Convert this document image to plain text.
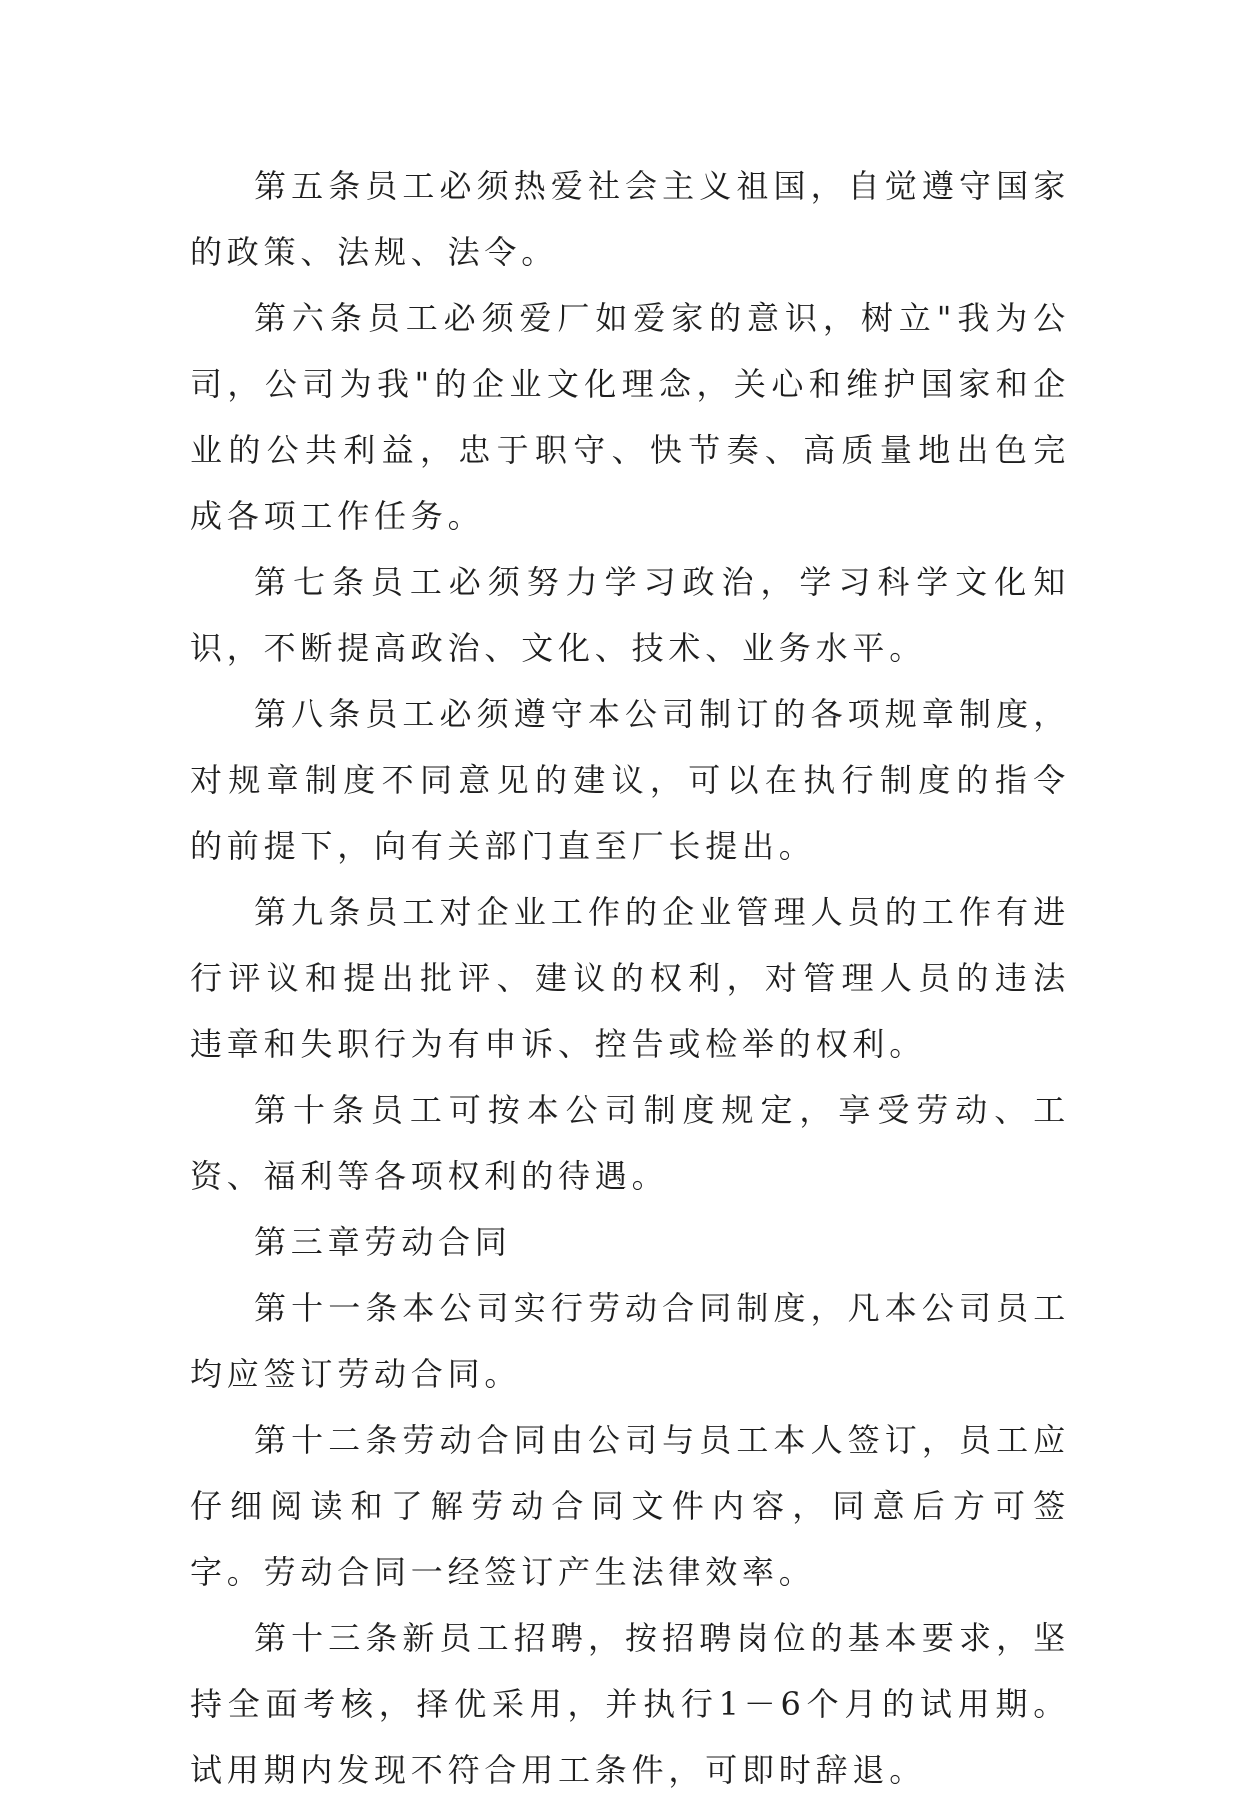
第五条员工必须热爱社会主义祖国，自觉遵守国家的政策、法规、法令。

第六条员工必须爱厂如爱家的意识，树立"我为公司，公司为我"的企业文化理念，关心和维护国家和企业的公共利益，忠于职守、快节奏、高质量地出色完成各项工作任务。

第七条员工必须努力学习政治，学习科学文化知识，不断提高政治、文化、技术、业务水平。

第八条员工必须遵守本公司制订的各项规章制度，对规章制度不同意见的建议，可以在执行制度的指令的前提下，向有关部门直至厂长提出。

第九条员工对企业工作的企业管理人员的工作有进行评议和提出批评、建议的权利，对管理人员的违法违章和失职行为有申诉、控告或检举的权利。

第十条员工可按本公司制度规定，享受劳动、工资、福利等各项权利的待遇。

第三章劳动合同

第十一条本公司实行劳动合同制度，凡本公司员工均应签订劳动合同。

第十二条劳动合同由公司与员工本人签订，员工应仔细阅读和了解劳动合同文件内容，同意后方可签字。劳动合同一经签订产生法律效率。

第十三条新员工招聘，按招聘岗位的基本要求，坚持全面考核，择优采用，并执行1－6个月的试用期。试用期内发现不符合用工条件，可即时辞退。
